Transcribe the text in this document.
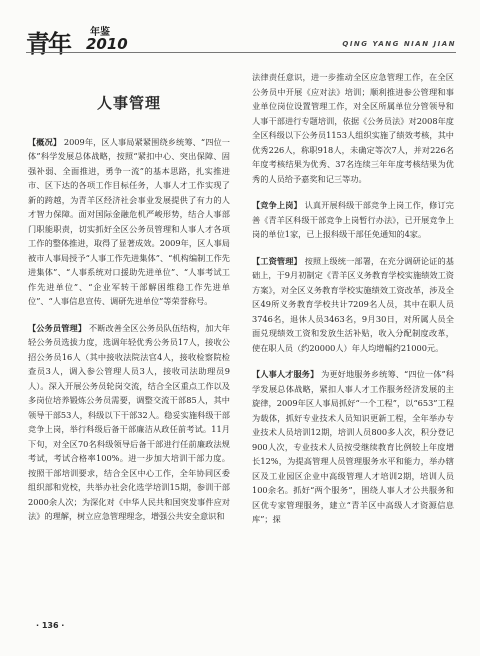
青年 年鉴
2010	QING YANG NIAN JIAN
人事管理

【概况】 2009年，区人事局紧紧围绕乡统筹、“四位一体”科学发展总体战略，按照“紧扣中心、突出保障、固强补弱、全面推进，勇争一流”的基本思路，扎实推进市、区下达的各项工作目标任务，人事人才工作实现了新的跨越，为青羊区经济社会事业发展提供了有力的人才智力保障。面对国际金融危机严峻形势，结合人事部门职能职责，切实抓好全区公务员管理和人事人才各项工作的整体推进，取得了显著成效。2009年，区人事局被市人事局授予“人事工作先进集体”、“机构编制工作先进集体”、“人事系统对口援助先进单位”、“人事考试工作先进单位”、“企业军转干部解困维稳工作先进单位”、“人事信息宣传、调研先进单位”等荣誉称号。

【公务员管理】 不断改善全区公务员队伍结构，加大年轻公务员选拔力度，选调年轻优秀公务员17人，接收公招公务员16人（其中接收法院法官4人，接收检察院检查员3人，调入参公管理人员3人，接收司法助理员9人）。深入开展公务员轮岗交流，结合全区重点工作以及多岗位培养锻炼公务员需要，调整交流干部85人，其中领导干部53人，科级以下干部32人。稳妥实施科级干部竞争上岗，举行科级后备干部廉洁从政任前考试。11月下旬，对全区70名科级领导后备干部进行任前廉政法规考试，考试合格率100%。进一步加大培训干部力度。按照干部培训要求，结合全区中心工作，全年协同区委组织部和党校，共举办社会化选学培训15期，参训干部2000余人次；为深化对《中华人民共和国突发事件应对法》的理解，树立应急管理理念，增强公共安全意识和

法律责任意识，进一步推动全区应急管理工作，在全区公务员中开展《应对法》培训；顺利推进参公管理和事业单位岗位设置管理工作，对全区所属单位分管领导和人事干部进行专题培训，依据《公务员法》对2008年度全区科级以下公务员1153人组织实施了绩效考核，其中优秀226人，称职918人，未确定等次7人，并对226名年度考核结果为优秀、37名连续三年年度考核结果为优秀的人员给予嘉奖和记三等功。

【竞争上岗】 认真开展科级干部竞争上岗工作，修订完善《青羊区科级干部竞争上岗暂行办法》，已开展竞争上岗的单位1家，已上报科级干部任免通知的4家。

【工资管理】 按照上级统一部署，在充分调研论证的基础上，于9月初制定《青羊区义务教育学校实施绩效工资方案》，对全区义务教育学校实施绩效工资改革，涉及全区49所义务教育学校共计7209名人员，其中在职人员3746名，退休人员3463名，9月30日，对所属人员全面兑现绩效工资和发放生活补贴，收入分配制度改革，使在职人员（约20000人）年人均增幅约21000元。

【人事人才服务】 为更好地服务乡统筹、“四位一体”科学发展总体战略，紧扣人事人才工作服务经济发展的主旋律，2009年区人事局抓好“一个工程”，以“653”工程为载体，抓好专业技术人员知识更新工程，全年举办专业技术人员培训12期，培训人员800多人次，积分登记900人次，专业技术人员按受继续教育比例较上年度增长12%，为提高管理人员管理服务水平和能力，举办辖区及工业园区企业中高级管理人才培训2期，培训人员100余名。抓好“两个服务”，围绕人事人才公共服务和区优专家管理服务，建立“青羊区中高级人才资源信息库”；探

· 136 ·
